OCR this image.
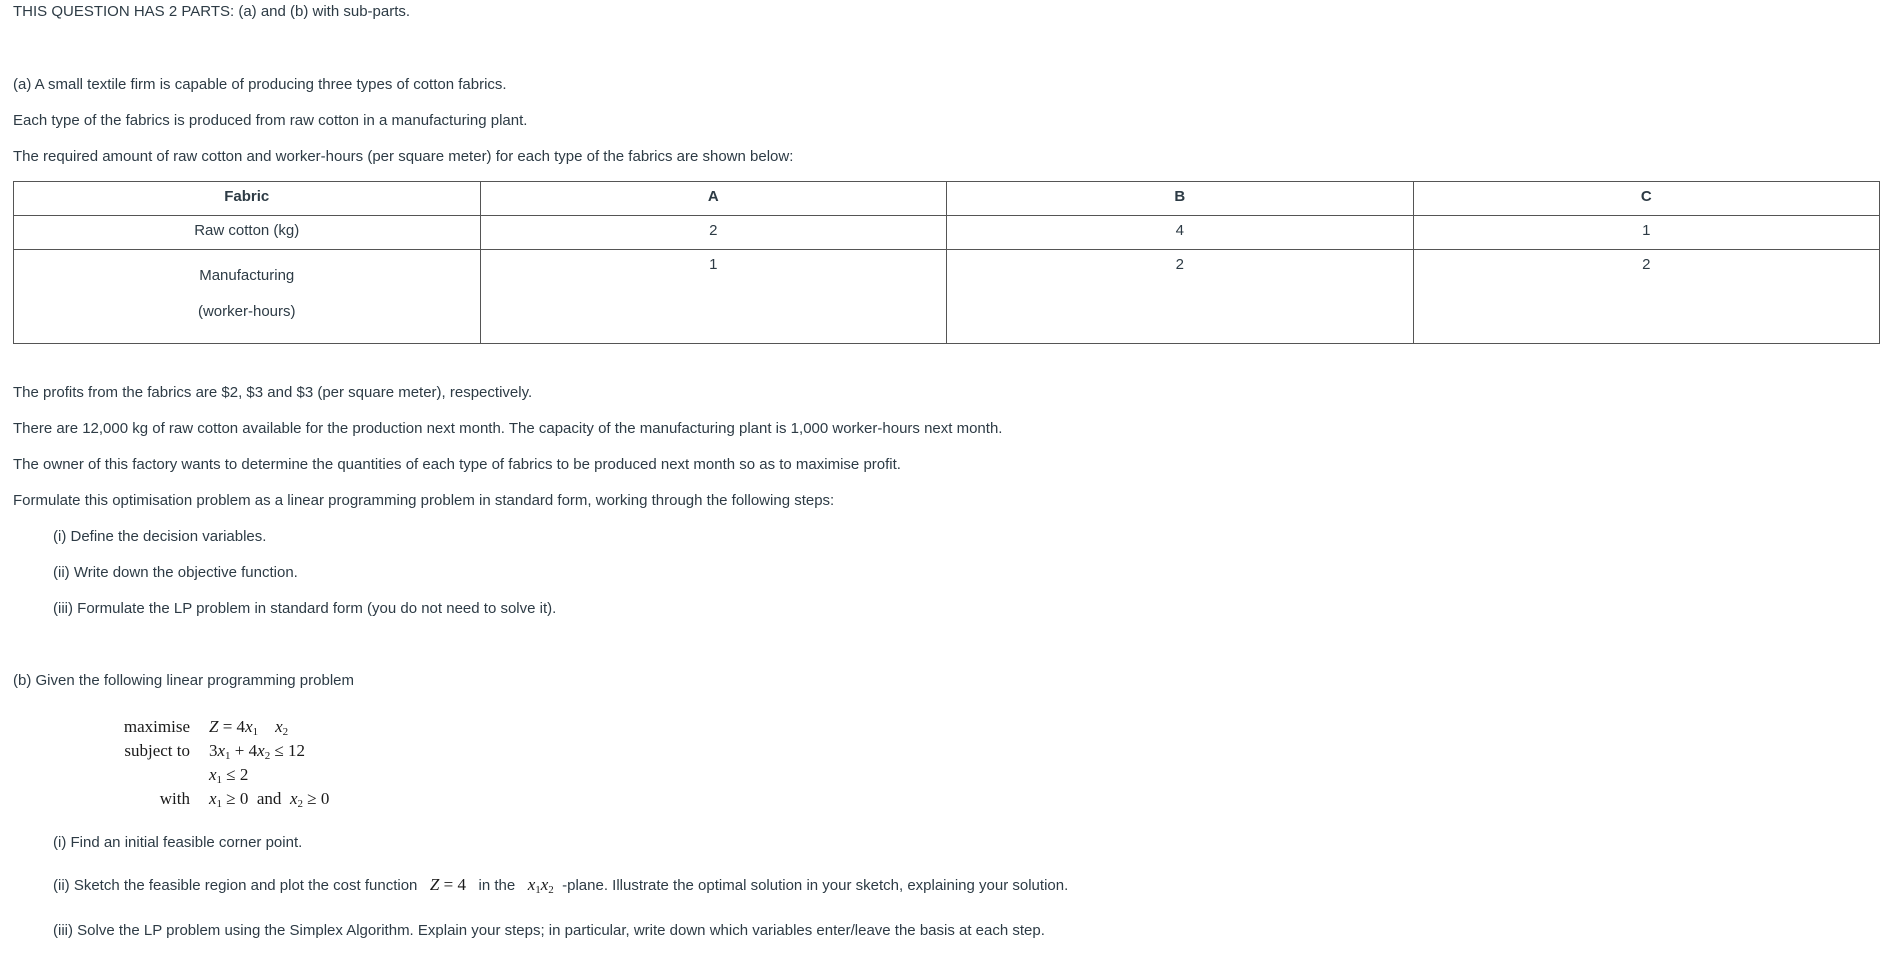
THIS QUESTION HAS 2 PARTS: (a) and (b) with sub-parts.
(a) A small textile firm is capable of producing three types of cotton fabrics.
Each type of the fabrics is produced from raw cotton in a manufacturing plant.
The required amount of raw cotton and worker-hours (per square meter) for each type of the fabrics are shown below:
Fabric	A	B	C
Raw cotton (kg)	2	4	1

Manufacturing
(worker-hours)	1	2	2
The profits from the fabrics are $2, $3 and $3 (per square meter), respectively.
There are 12,000 kg of raw cotton available for the production next month. The capacity of the manufacturing plant is 1,000 worker-hours next month.
The owner of this factory wants to determine the quantities of each type of fabrics to be produced next month so as to maximise profit.
Formulate this optimisation problem as a linear programming problem in standard form, working through the following steps:
(i) Define the decision variables.
(ii) Write down the objective function.
(iii) Formulate the LP problem in standard form (you do not need to solve it).
(b) Given the following linear programming problem
maximise $Z = 4x_1$ $x_2$
subject to $3x_1 + 4x_2 \le 12$
$x_1 \le 2$
with $x_1 \ge 0$  and $x_2 \ge 0$
(i) Find an initial feasible corner point.
(ii) Sketch the feasible region and plot the cost function Z = 4 in the $x_1x_2$ -plane. Illustrate the optimal solution in your sketch, explaining your solution.
(iii) Solve the LP problem using the Simplex Algorithm. Explain your steps; in particular, write down which variables enter/leave the basis at each step.
